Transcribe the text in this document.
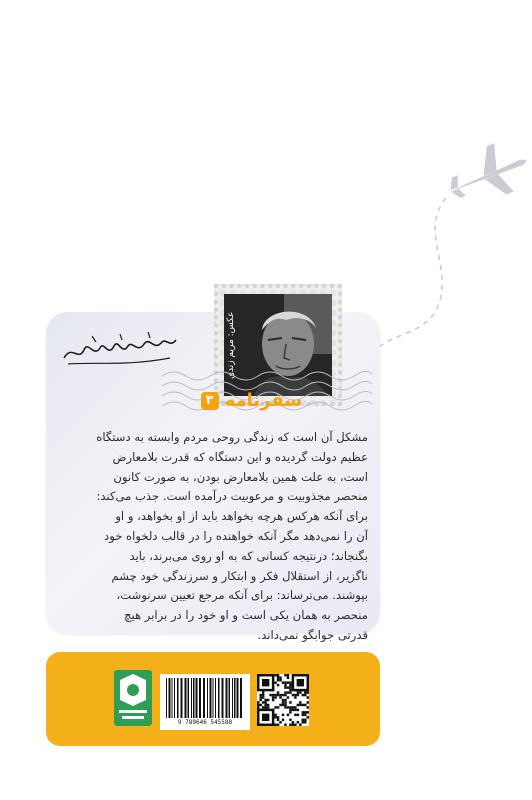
عکس: مریم زندی
سفرنامه
۳
مشکل آن است که زندگی روحی مردم وابسته به دستگاه
عظیم دولت گردیده و این دستگاه که قدرت بلامعارض
است، به علت همین بلامعارض بودن، به صورت کانون
منحصر مجذوبیت و مرعوبیت درآمده است. جذب می‌کند:
برای آنکه هرکس هرچه بخواهد باید از او بخواهد، و او
آن را نمی‌دهد مگر آنکه خواهنده را در قالب دلخواه خود
بگنجاند؛ درنتیجه کسانی که به او روی می‌برند، باید
ناگزیر، از استقلال فکر و ابتکار و سرزندگی خود چشم
بپوشند. می‌ترساند: برای آنکه مرجع تعیین سرنوشت،
منحصر به همان یکی است و او خود را در برابر هیچ
قدرتی جوابگو نمی‌داند.
9 789646 545588
